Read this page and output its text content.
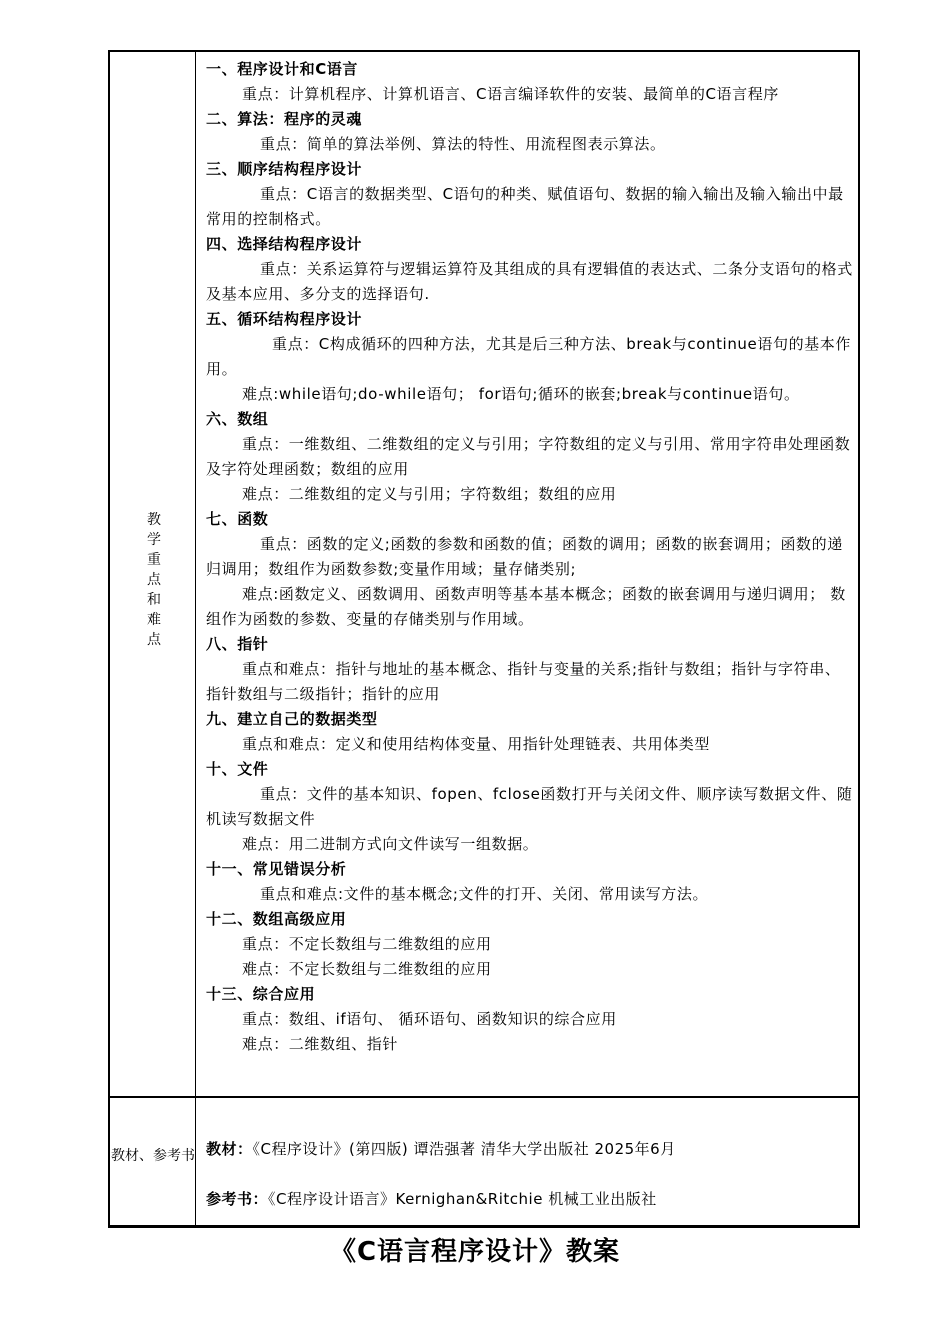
教学重点和难点

一、程序设计和C语言

重点：计算机程序、计算机语言、C语言编译软件的安装、最简单的C语言程序

二、算法：程序的灵魂

重点：简单的算法举例、算法的特性、用流程图表示算法。

三、顺序结构程序设计

重点：C语言的数据类型、C语句的种类、赋值语句、数据的输入输出及输入输出中最常用的控制格式。

四、选择结构程序设计

重点：关系运算符与逻辑运算符及其组成的具有逻辑值的表达式、二条分支语句的格式及基本应用、多分支的选择语句.

五、循环结构程序设计

重点：C构成循环的四种方法，尤其是后三种方法、break与continue语句的基本作用。

难点:while语句;do-while语句； for语句;循环的嵌套;break与continue语句。

六、数组

重点：一维数组、二维数组的定义与引用；字符数组的定义与引用、常用字符串处理函数及字符处理函数；数组的应用

难点：二维数组的定义与引用；字符数组；数组的应用

七、函数

重点：函数的定义;函数的参数和函数的值；函数的调用；函数的嵌套调用；函数的递归调用；数组作为函数参数;变量作用域；量存储类别;

难点:函数定义、函数调用、函数声明等基本基本概念；函数的嵌套调用与递归调用； 数组作为函数的参数、变量的存储类别与作用域。

八、指针

重点和难点：指针与地址的基本概念、指针与变量的关系;指针与数组；指针与字符串、指针数组与二级指针；指针的应用

九、建立自己的数据类型

重点和难点：定义和使用结构体变量、用指针处理链表、共用体类型

十、文件

重点：文件的基本知识、fopen、fclose函数打开与关闭文件、顺序读写数据文件、随机读写数据文件

难点：用二进制方式向文件读写一组数据。

十一、常见错误分析

重点和难点:文件的基本概念;文件的打开、关闭、常用读写方法。

十二、数组高级应用

重点：不定长数组与二维数组的应用

难点：不定长数组与二维数组的应用

十三、综合应用

重点：数组、if语句、 循环语句、函数知识的综合应用

难点：二维数组、指针

教材、参考书 教材：《C程序设计》(第四版) 谭浩强著 清华大学出版社 2025年6月
参考书：《C程序设计语言》Kernighan&Ritchie 机械工业出版社
《C语言程序设计》教案
